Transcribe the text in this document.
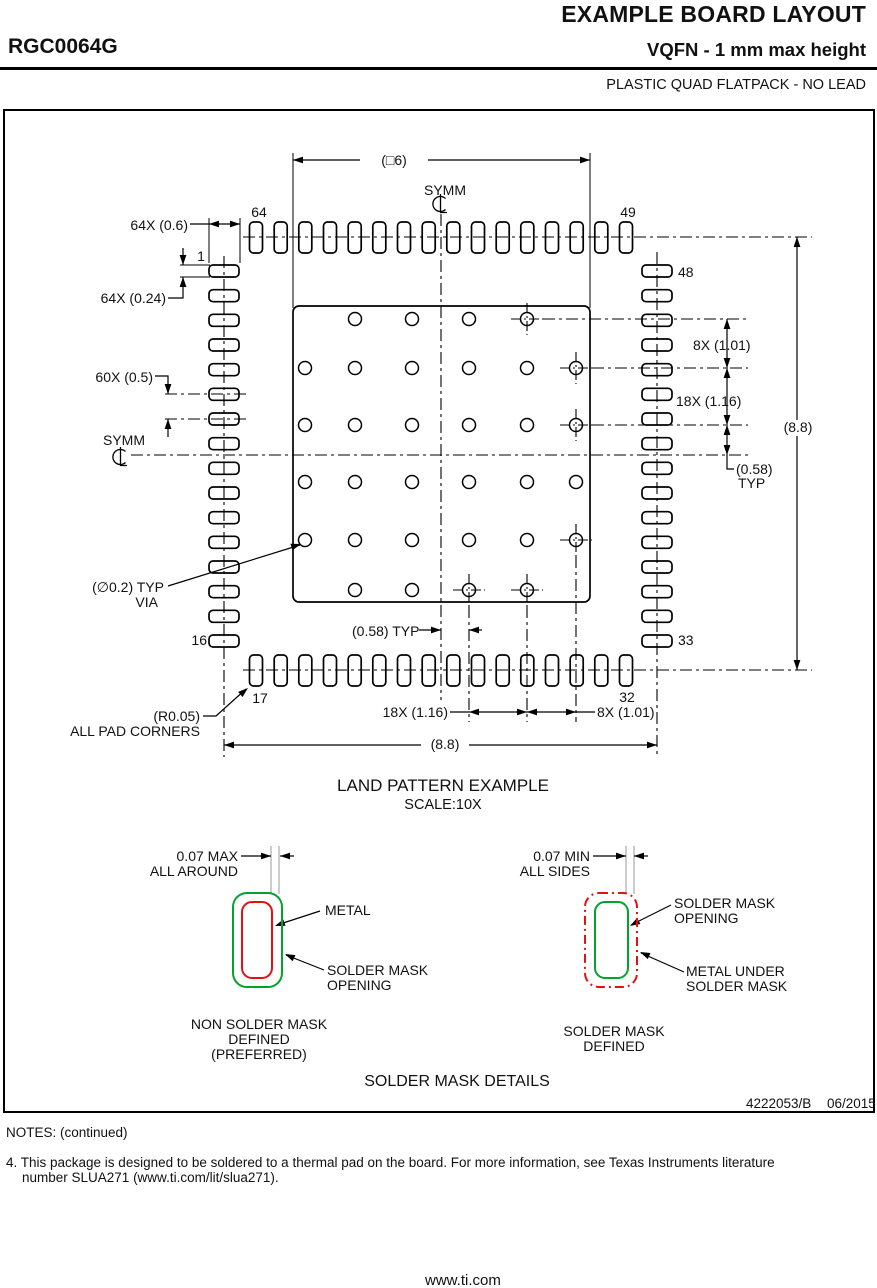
EXAMPLE BOARD LAYOUT
RGC0064G	VQFN - 1 mm max height
PLASTIC QUAD FLATPACK - NO LEAD
(□6)
SYMM
SYMM
64	49
1
48
16	33
17	32
64X (0.6)
64X (0.24)
60X (0.5)
(∅0.2) TYP
VIA
(R0.05)
ALL PAD CORNERS
(0.58) TYP
18X (1.16)	8X (1.01)
(8.8)
8X (1.01)
18X (1.16)
(8.8)
(0.58)
TYP
LAND PATTERN EXAMPLE
SCALE:10X
0.07 MAX
ALL AROUND
METAL
SOLDER MASK
OPENING
NON SOLDER MASK
DEFINED
(PREFERRED)
0.07 MIN
ALL SIDES
SOLDER MASK
OPENING
METAL UNDER
SOLDER MASK
SOLDER MASK
DEFINED
SOLDER MASK DETAILS
4222053/B 06/2015
NOTES: (continued)
4. This package is designed to be soldered to a thermal pad on the board. For more information, see Texas Instruments literature
number SLUA271 (www.ti.com/lit/slua271).
www.ti.com
